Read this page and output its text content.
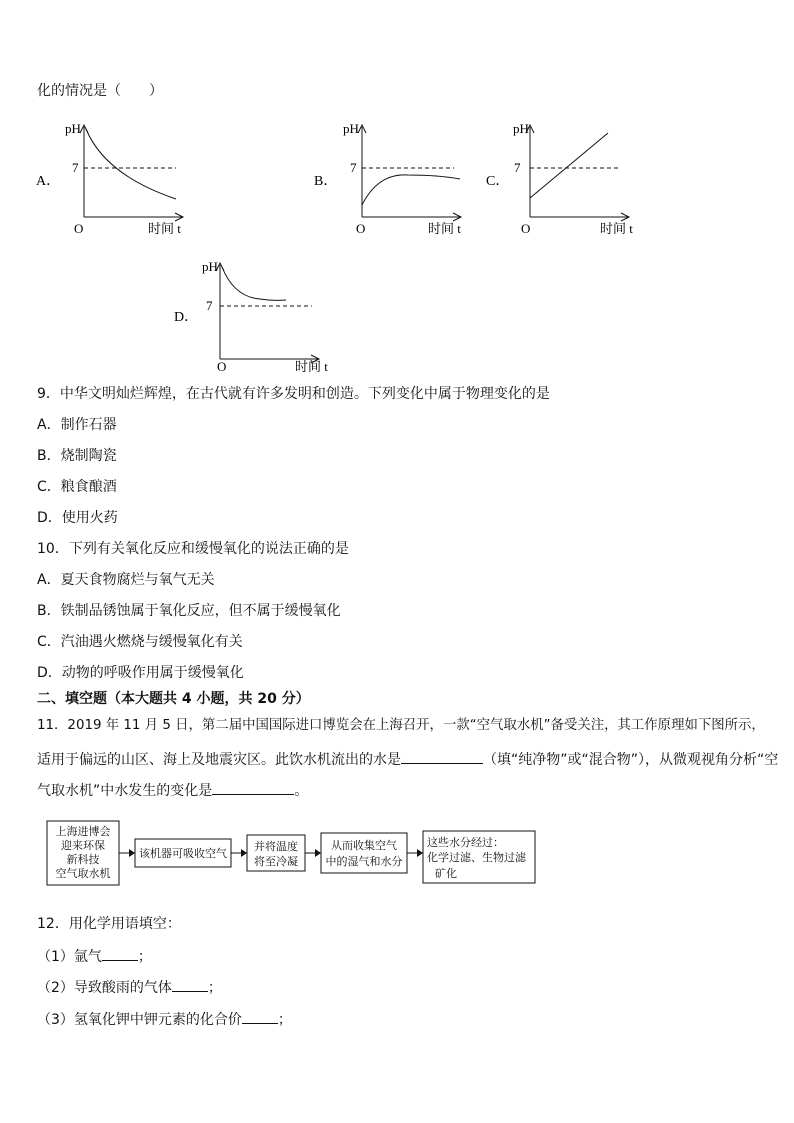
化的情况是（　　）
A．
pH
7
O	时间 t
B．
pH
7
O	时间 t
C．
pH
7
O	时间 t
D．
pH
7
O	时间 t
9．中华文明灿烂辉煌，在古代就有许多发明和创造。下列变化中属于物理变化的是
A．制作石器
B．烧制陶瓷
C．粮食酿酒
D．使用火药
10．下列有关氧化反应和缓慢氧化的说法正确的是
A．夏天食物腐烂与氧气无关
B．铁制品锈蚀属于氧化反应，但不属于缓慢氧化
C．汽油遇火燃烧与缓慢氧化有关
D．动物的呼吸作用属于缓慢氧化
二、填空题（本大题共 4 小题，共 20 分）
11．2019 年 11 月 5 日，第二届中国国际进口博览会在上海召开，一款“空气取水机”备受关注，其工作原理如下图所示，
适用于偏远的山区、海上及地震灾区。此饮水机流出的水是	（填“纯净物”或“混合物”），从微观视角分析“空
气取水机”中水发生的变化是	。
上海进博会
迎来环保
新科技
空气取水机
该机器可吸收空气
并将温度
将至冷凝
从而收集空气
中的湿气和水分
这些水分经过：
化学过滤、生物过滤
矿化
12．用化学用语填空：
（1）氩气	；
（2）导致酸雨的气体	；
（3）氢氧化钾中钾元素的化合价	；
